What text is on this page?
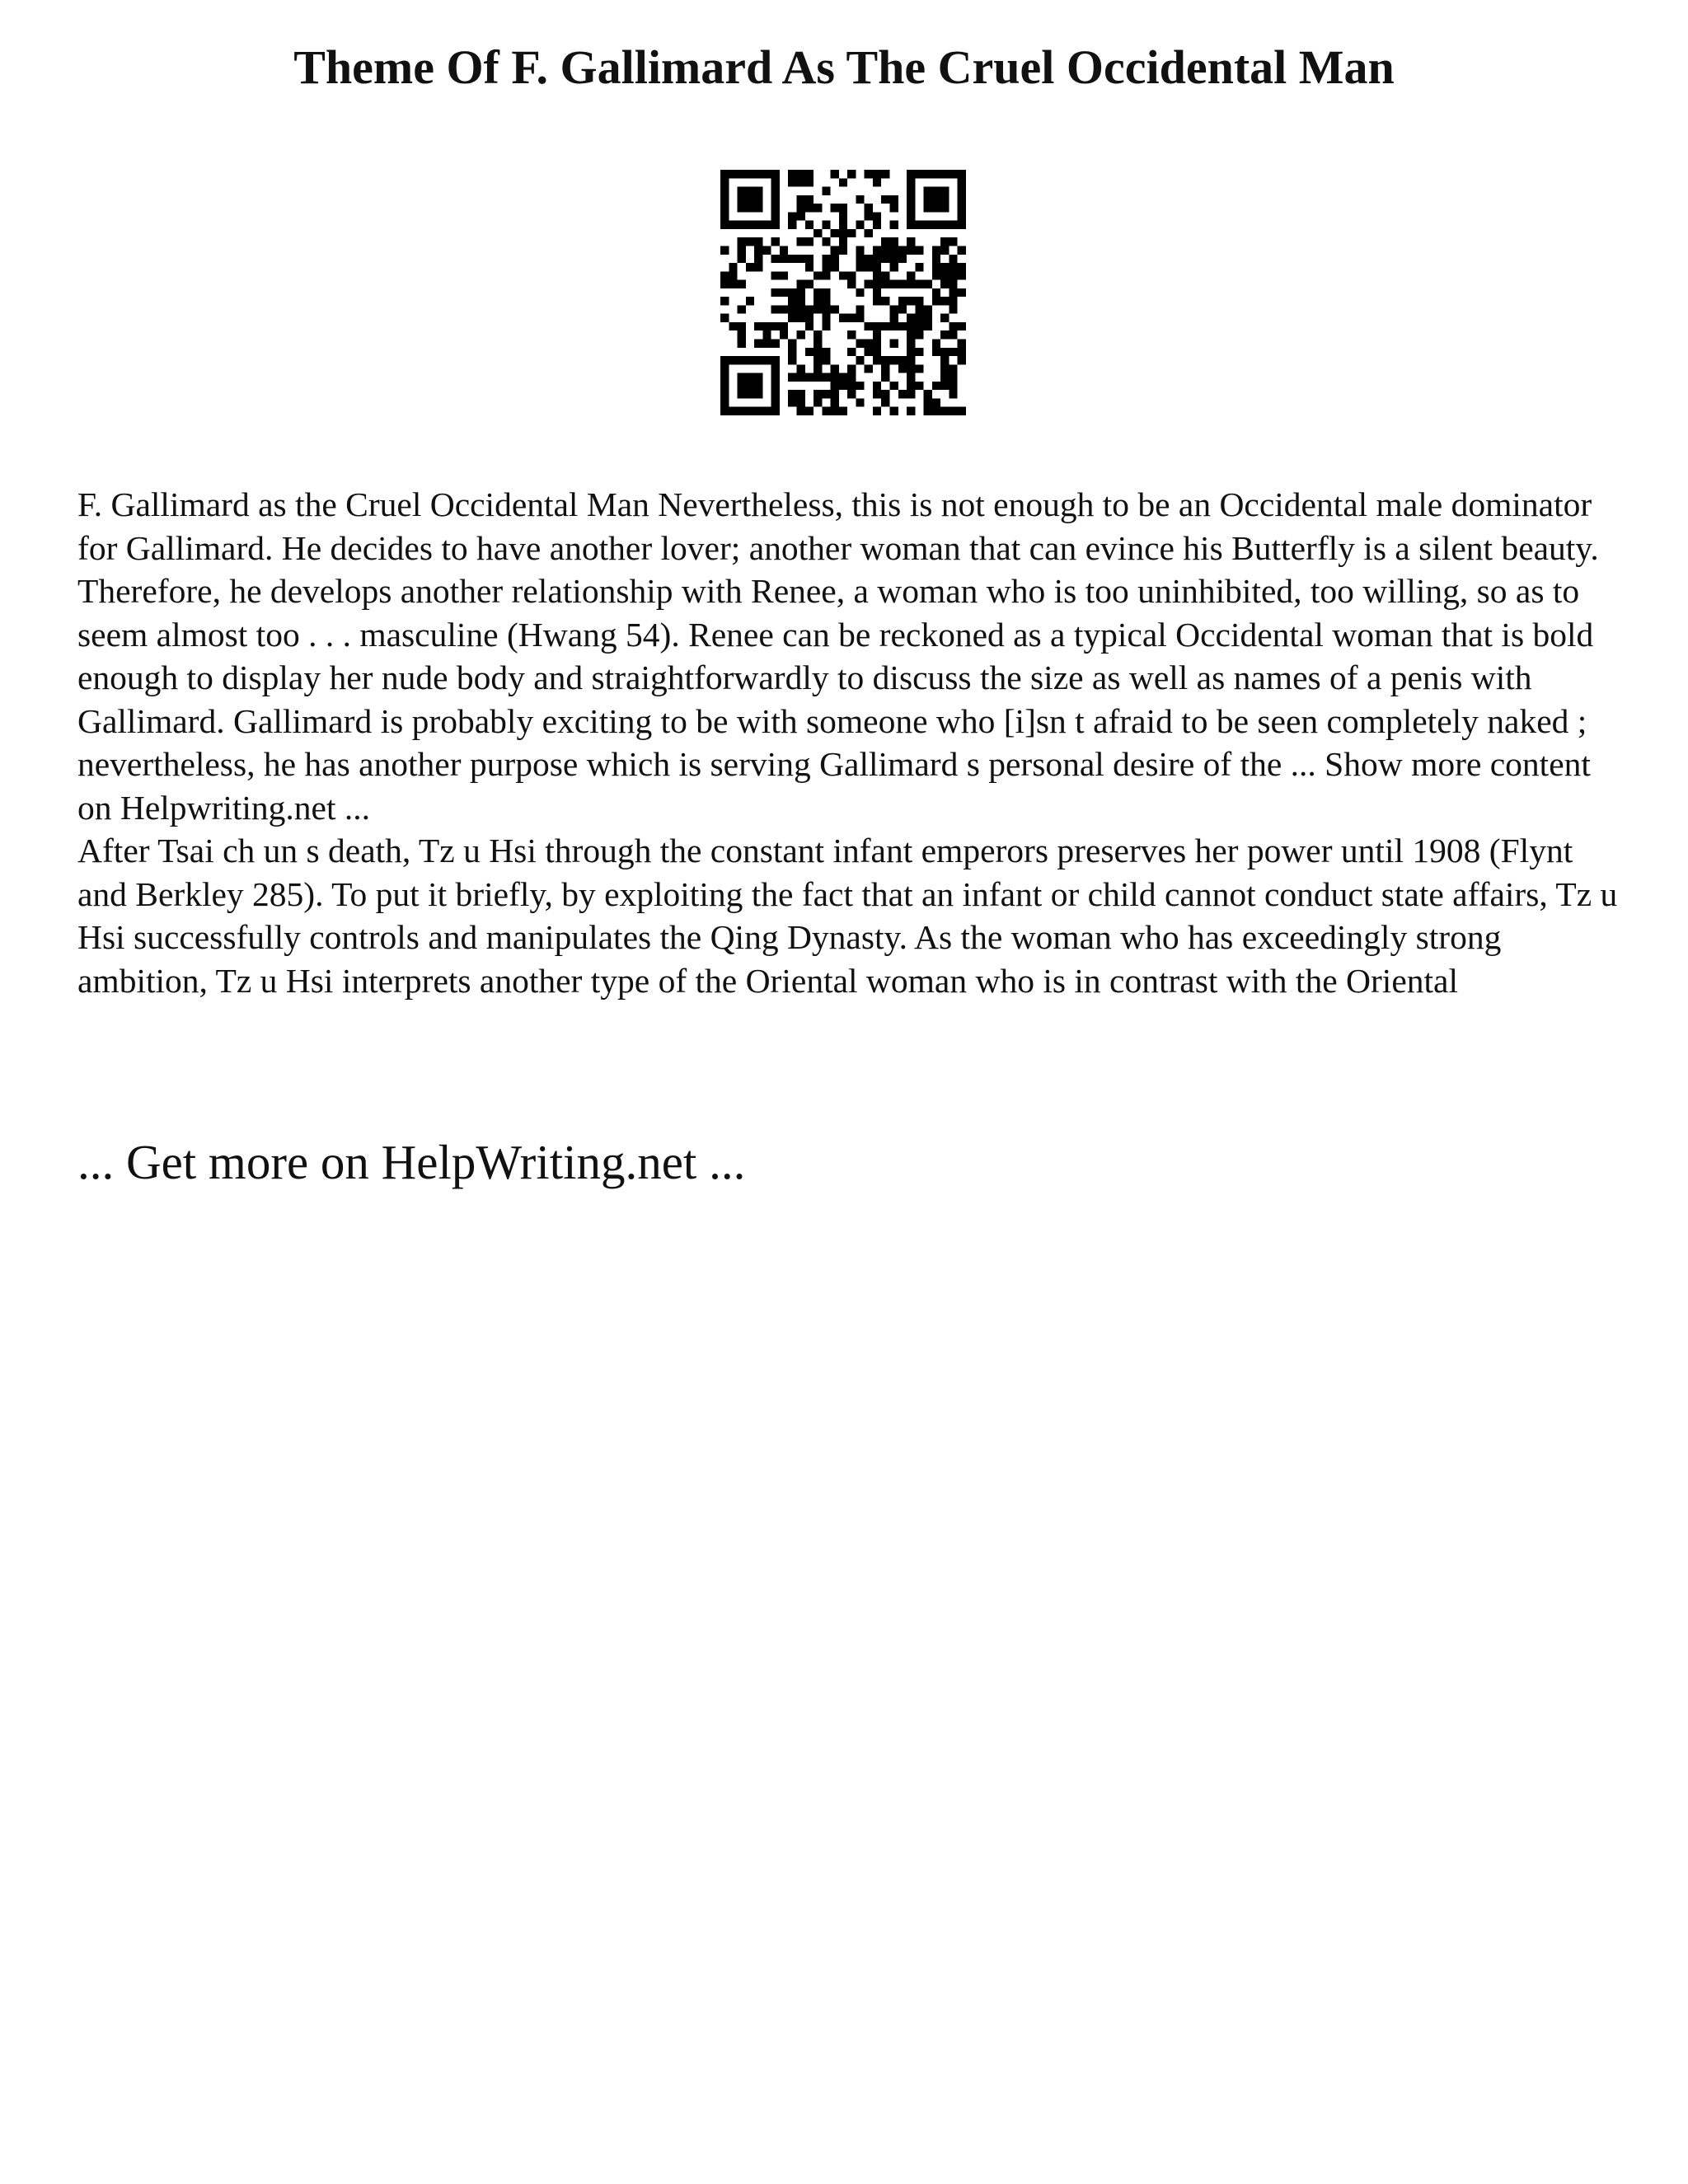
Theme Of F. Gallimard As The Cruel Occidental Man

F. Gallimard as the Cruel Occidental Man Nevertheless, this is not enough to be an Occidental male dominator for Gallimard. He decides to have another lover; another woman that can evince his Butterfly is a silent beauty. Therefore, he develops another relationship with Renee, a woman who is too uninhibited, too willing, so as to seem almost too . . . masculine (Hwang 54). Renee can be reckoned as a typical Occidental woman that is bold enough to display her nude body and straightforwardly to discuss the size as well as names of a penis with Gallimard. Gallimard is probably exciting to be with someone who [i]sn t afraid to be seen completely naked ; nevertheless, he has another purpose which is serving Gallimard s personal desire of the ... Show more content on Helpwriting.net ...

After Tsai ch un s death, Tz u Hsi through the constant infant emperors preserves her power until 1908 (Flynt and Berkley 285). To put it briefly, by exploiting the fact that an infant or child cannot conduct state affairs, Tz u Hsi successfully controls and manipulates the Qing Dynasty. As the woman who has exceedingly strong ambition, Tz u Hsi interprets another type of the Oriental woman who is in contrast with the Oriental

... Get more on HelpWriting.net ...
